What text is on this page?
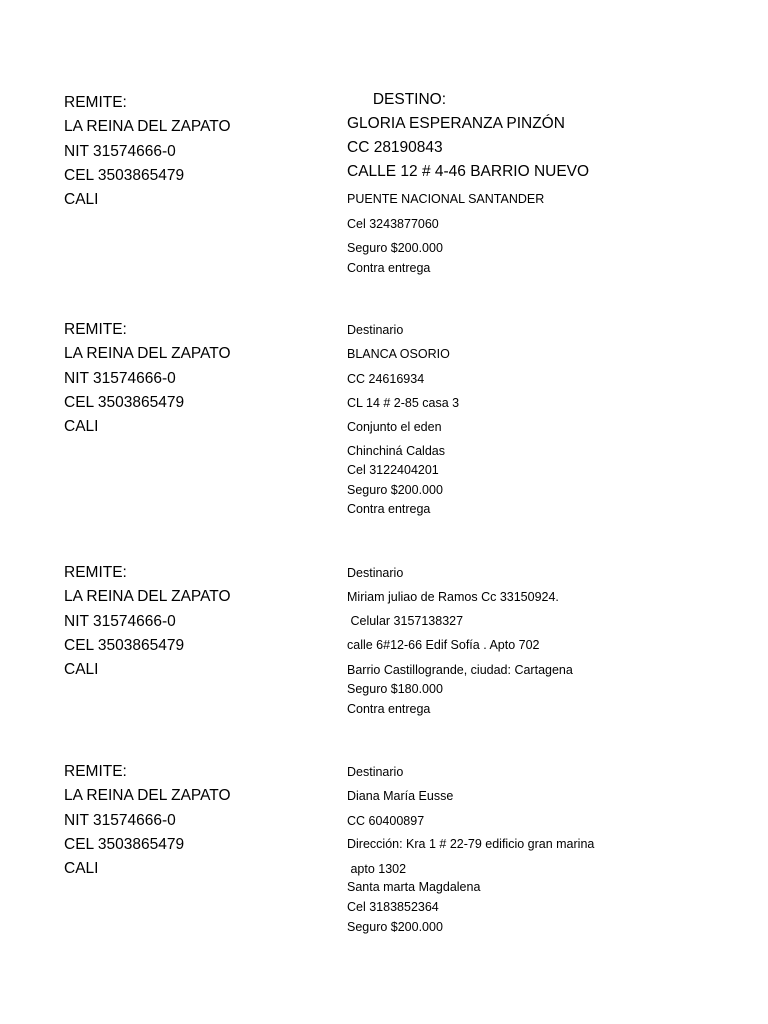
REMITE:
LA REINA DEL ZAPATO
NIT 31574666-0
CEL 3503865479
CALI
DESTINO:
GLORIA ESPERANZA PINZÓN
CC 28190843
CALLE 12 # 4-46 BARRIO NUEVO
PUENTE NACIONAL SANTANDER
Cel 3243877060
Seguro $200.000
Contra entrega
REMITE:
LA REINA DEL ZAPATO
NIT 31574666-0
CEL 3503865479
CALI
Destinario
BLANCA OSORIO
CC 24616934
CL 14 # 2-85 casa 3
Conjunto el eden
Chinchiná Caldas
Cel 3122404201
Seguro $200.000
Contra entrega
REMITE:
LA REINA DEL ZAPATO
NIT 31574666-0
CEL 3503865479
CALI
Destinario
Miriam juliao de Ramos Cc 33150924.
Celular 3157138327
calle 6#12-66 Edif Sofía . Apto 702
Barrio Castillogrande, ciudad: Cartagena
Seguro $180.000
Contra entrega
REMITE:
LA REINA DEL ZAPATO
NIT 31574666-0
CEL 3503865479
CALI
Destinario
Diana María Eusse
CC 60400897
Dirección: Kra 1 # 22-79 edificio gran marina
apto 1302
Santa marta Magdalena
Cel 3183852364
Seguro $200.000
